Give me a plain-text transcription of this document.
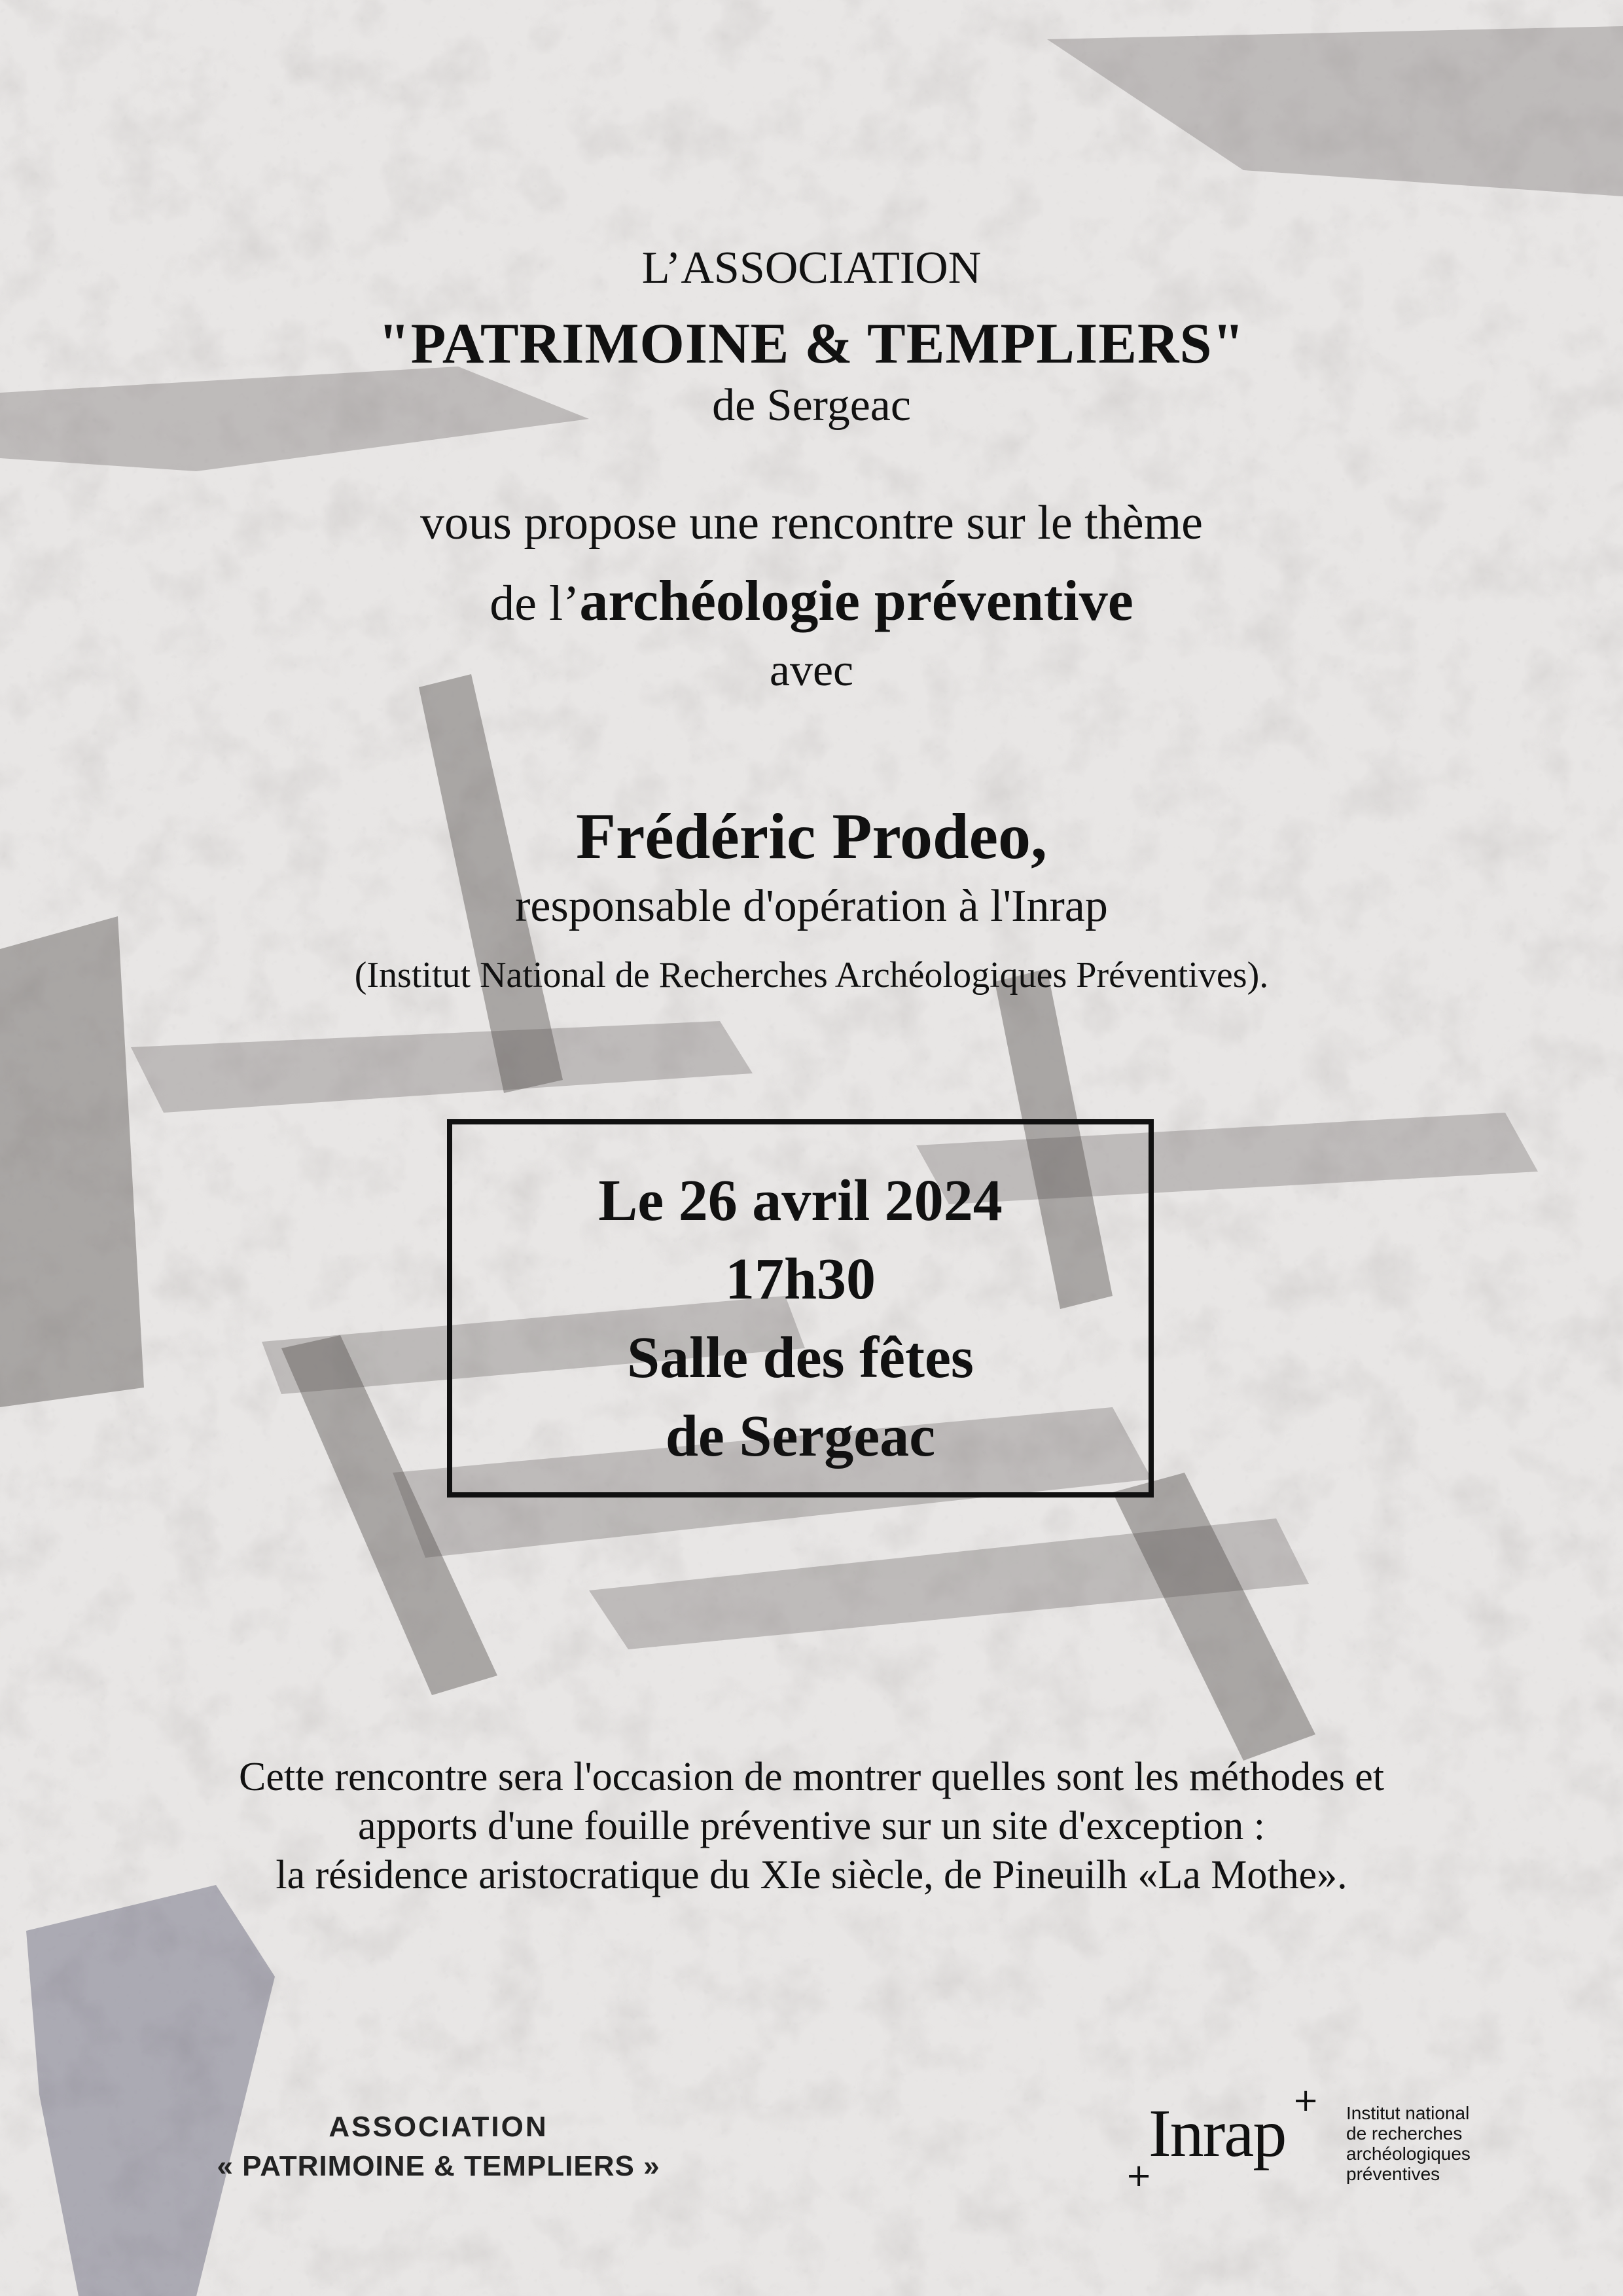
L’ASSOCIATION
"PATRIMOINE & TEMPLIERS"
de Sergeac
vous propose une rencontre sur le thème
de l’archéologie préventive
avec
Frédéric Prodeo,
responsable d'opération à l'Inrap
(Institut National de Recherches Archéologiques Préventives).
Le 26 avril 2024
17h30
Salle des fêtes
de Sergeac
Cette rencontre sera l'occasion de montrer quelles sont les méthodes et
apports d'une fouille préventive sur un site d'exception :
la résidence aristocratique du XIe siècle, de Pineuilh «La Mothe».
ASSOCIATION
« PATRIMOINE & TEMPLIERS »	+
Inrap + Institut national
de recherches
archéologiques
préventives
